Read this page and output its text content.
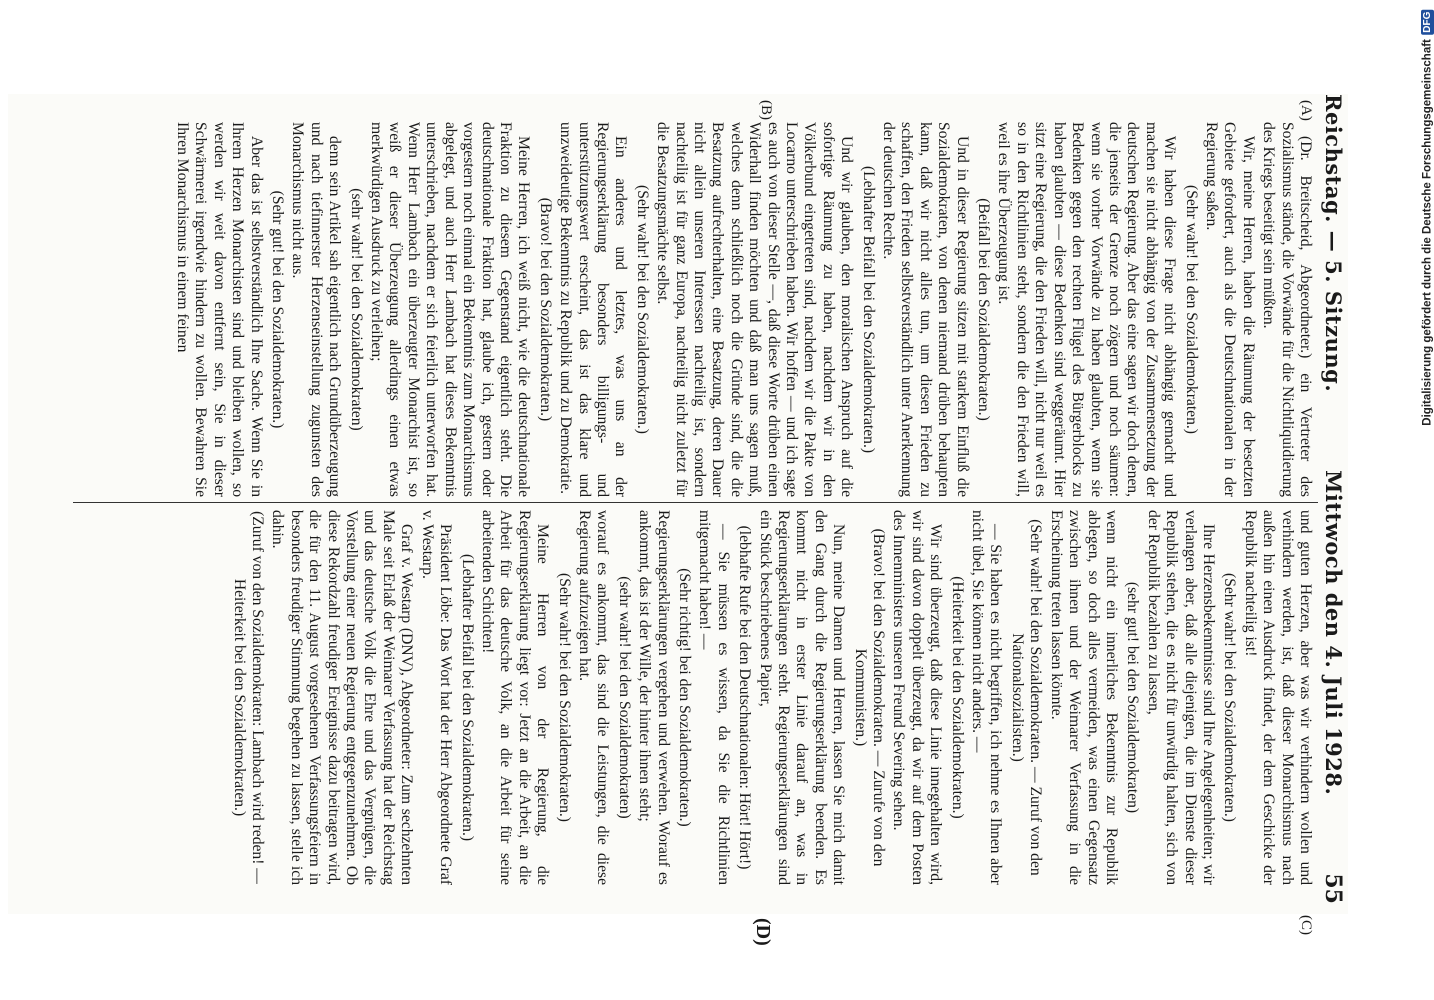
Reichstag. — 5. Sitzung.
Mittwoch den 4. Juli 1928.
55
(A)
(B)
(C)
(D)

(Dr. Breitscheid, Abgeordneter.) ein Vertreter des Sozialismus stände, die Vorwände für die Nichtliquidierung des Kriegs beseitigt sein müßten.

Wir, meine Herren, haben die Räumung der besetzten Gebiete gefordert, auch als die Deutschnationalen in der Regierung saßen.

(Sehr wahr! bei den Sozialdemokraten.)

Wir haben diese Frage nicht abhängig gemacht und machen sie nicht abhängig von der Zusammensetzung der deutschen Regierung. Aber das eine sagen wir doch denen, die jenseits der Grenze noch zögern und noch säumen: wenn sie vorher Vorwände zu haben glaubten, wenn sie Bedenken gegen den rechten Flügel des Bürgerblocks zu haben glaubten — diese Bedenken sind weggeräumt. Hier sitzt eine Regierung, die den Frieden will, nicht nur weil es so in den Richtlinien steht, sondern die den Frieden will, weil es ihre Überzeugung ist.

(Beifall bei den Sozialdemokraten.)

Und in dieser Regierung sitzen mit starkem Einfluß die Sozialdemokraten, von denen niemand drüben behaupten kann, daß wir nicht alles tun, um diesen Frieden zu schaffen, den Frieden selbstverständlich unter Anerkennung der deutschen Rechte.

(Lebhafter Beifall bei den Sozialdemokraten.)

Und wir glauben, den moralischen Anspruch auf die sofortige Räumung zu haben, nachdem wir in den Völkerbund eingetreten sind, nachdem wir die Pakte von Locarno unterschrieben haben. Wir hoffen — und ich sage es auch von dieser Stelle —, daß diese Worte drüben einen Widerhall finden möchten und daß man uns sagen muß, welches denn schließlich noch die Gründe sind, die die Besatzung aufrechterhalten, eine Besatzung, deren Dauer nicht allein unseren Interessen nachteilig ist, sondern nachteilig ist für ganz Europa, nachteilig nicht zuletzt für die Besatzungsmächte selbst.

(Sehr wahr! bei den Sozialdemokraten.)

Ein anderes und letztes, was uns an der Regierungserklärung besonders billigungs- und unterstützungswert erscheint, das ist das klare und unzweideutige Bekenntnis zu Republik und zu Demokratie.

(Bravo! bei den Sozialdemokraten.)

Meine Herren, ich weiß nicht, wie die deutschnationale Fraktion zu diesem Gegenstand eigentlich steht. Die deutschnationale Fraktion hat, glaube ich, gestern oder vorgestern noch einmal ein Bekenntnis zum Monarchismus abgelegt, und auch Herr Lambach hat dieses Bekenntnis unterschrieben, nachdem er sich feierlich unterworfen hat. Wenn Herr Lambach ein überzeugter Monarchist ist, so weiß er dieser Überzeugung allerdings einen etwas merkwürdigen Ausdruck zu verleihen;

(sehr wahr! bei den Sozialdemokraten)

denn sein Artikel sah eigentlich nach Grundüberzeugung und nach tiefinnerster Herzenseinstellung zugunsten des Monarchismus nicht aus.

(Sehr gut! bei den Sozialdemokraten.)

Aber das ist selbstverständlich Ihre Sache. Wenn Sie in Ihrem Herzen Monarchisten sind und bleiben wollen, so werden wir weit davon entfernt sein, Sie in dieser Schwärmerei irgendwie hindern zu wollen. Bewahren Sie Ihren Monarchismus in einem feinen

und guten Herzen, aber was wir verhindern wollen und verhindern werden, ist, daß dieser Monarchismus nach außen hin einen Ausdruck findet, der dem Geschicke der Republik nachteilig ist!

(Sehr wahr! bei den Sozialdemokraten.)

Ihre Herzensbekenntnisse sind Ihre Angelegenheiten; wir verlangen aber, daß alle diejenigen, die im Dienste dieser Republik stehen, die es nicht für unwürdig halten, sich von der Republik bezahlen zu lassen,

(sehr gut! bei den Sozialdemokraten)

wenn nicht ein innerliches Bekenntnis zur Republik ablegen, so doch alles vermeiden, was einen Gegensatz zwischen ihnen und der Weimarer Verfassung in die Erscheinung treten lassen könnte.

(Sehr wahr! bei den Sozialdemokraten. — Zuruf von den Nationalsozialisten.)

— Sie haben es nicht begriffen, ich nehme es Ihnen aber nicht übel, Sie können nicht anders. —

(Heiterkeit bei den Sozialdemokraten.)

Wir sind überzeugt, daß diese Linie innegehalten wird, wir sind davon doppelt überzeugt, da wir auf dem Posten des Innenministers unseren Freund Severing sehen.

(Bravo! bei den Sozialdemokraten. — Zurufe von den Kommunisten.)

Nun, meine Damen und Herren, lassen Sie mich damit den Gang durch die Regierungserklärung beenden. Es kommt nicht in erster Linie darauf an, was in Regierungserklärungen steht. Regierungserklärungen sind ein Stück beschriebenes Papier,

(lebhafte Rufe bei den Deutschnationalen: Hört! Hört!)

— Sie müssen es wissen, da Sie die Richtlinien mitgemacht haben! —

(Sehr richtig! bei den Sozialdemokraten.)

Regierungserklärungen vergehen und verwehen. Worauf es ankommt, das ist der Wille, der hinter ihnen steht;

(sehr wahr! bei den Sozialdemokraten)

worauf es ankommt, das sind die Leistungen, die diese Regierung aufzuzeigen hat.

(Sehr wahr! bei den Sozialdemokraten.)

Meine Herren von der Regierung, die Regierungserklärung liegt vor: Jetzt an die Arbeit, an die Arbeit für das deutsche Volk, an die Arbeit für seine arbeitenden Schichten!

(Lebhafter Beifall bei den Sozialdemokraten.)

Präsident Löbe: Das Wort hat der Herr Abgeordnete Graf v. Westarp.

Graf v. Westarp (DNV), Abgeordneter: Zum sechzehnten Male seit Erlaß der Weimarer Verfassung hat der Reichstag und das deutsche Volk die Ehre und das Vergnügen, die Vorstellung einer neuen Regierung entgegenzunehmen. Ob diese Rekordzahl freudiger Ereignisse dazu beitragen wird, die für den 11. August vorgesehenen Verfassungsfeiern in besonders freudiger Stimmung begehen zu lassen, stelle ich dahin.

(Zuruf von den Sozialdemokraten: Lambach wird reden! — Heiterkeit bei den Sozialdemokraten.)

Digitalisierung gefördert durch die Deutsche Forschungsgemeinschaft
DFG
